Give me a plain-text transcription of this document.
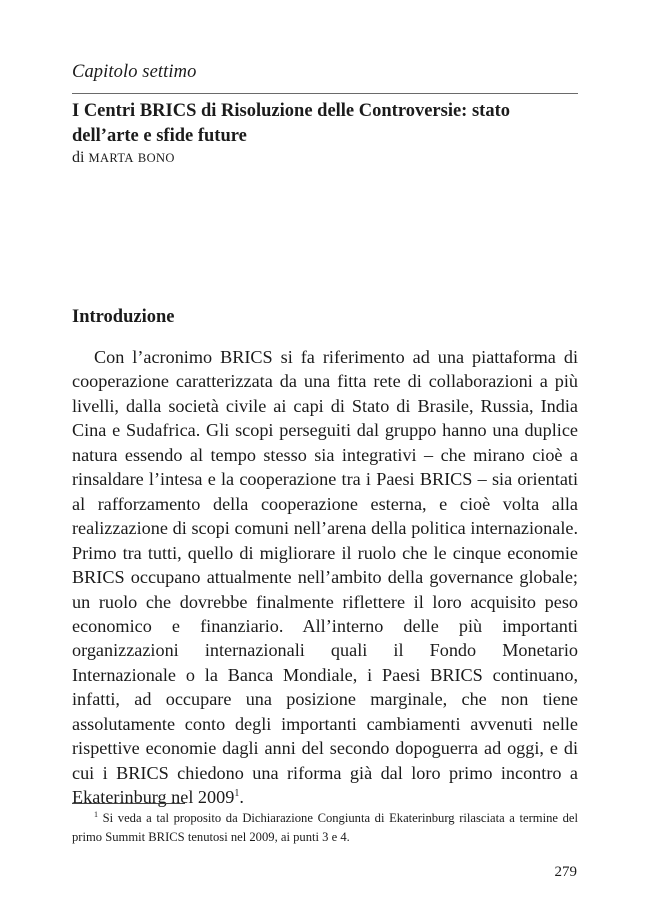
Capitolo settimo
I Centri BRICS di Risoluzione delle Controversie: stato dell’arte e sfide future
di MARTA BONO
Introduzione

Con l’acronimo BRICS si fa riferimento ad una piattaforma di cooperazione caratterizzata da una fitta rete di collaborazioni a più livelli, dalla società civile ai capi di Stato di Brasile, Russia, India Cina e Sudafrica. Gli scopi perseguiti dal gruppo hanno una duplice natura essendo al tempo stesso sia integrativi – che mirano cioè a rinsaldare l’intesa e la cooperazione tra i Paesi BRICS – sia orientati al rafforzamento della cooperazione esterna, e cioè volta alla realizzazione di scopi comuni nell’arena della politica internazionale. Primo tra tutti, quello di migliorare il ruolo che le cinque economie BRICS occupano attualmente nell’ambito della governance globale; un ruolo che dovrebbe finalmente riflettere il loro acquisito peso economico e finanziario. All’interno delle più importanti organizzazioni internazionali quali il Fondo Monetario Internazionale o la Banca Mondiale, i Paesi BRICS continuano, infatti, ad occupare una posizione marginale, che non tiene assolutamente conto degli importanti cambiamenti avvenuti nelle rispettive economie dagli anni del secondo dopoguerra ad oggi, e di cui i BRICS chiedono una riforma già dal loro primo incontro a Ekaterinburg nel 2009$^1$.

$^1$ Si veda a tal proposito da Dichiarazione Congiunta di Ekaterinburg rilasciata a termine del primo Summit BRICS tenutosi nel 2009, ai punti 3 e 4.
279
